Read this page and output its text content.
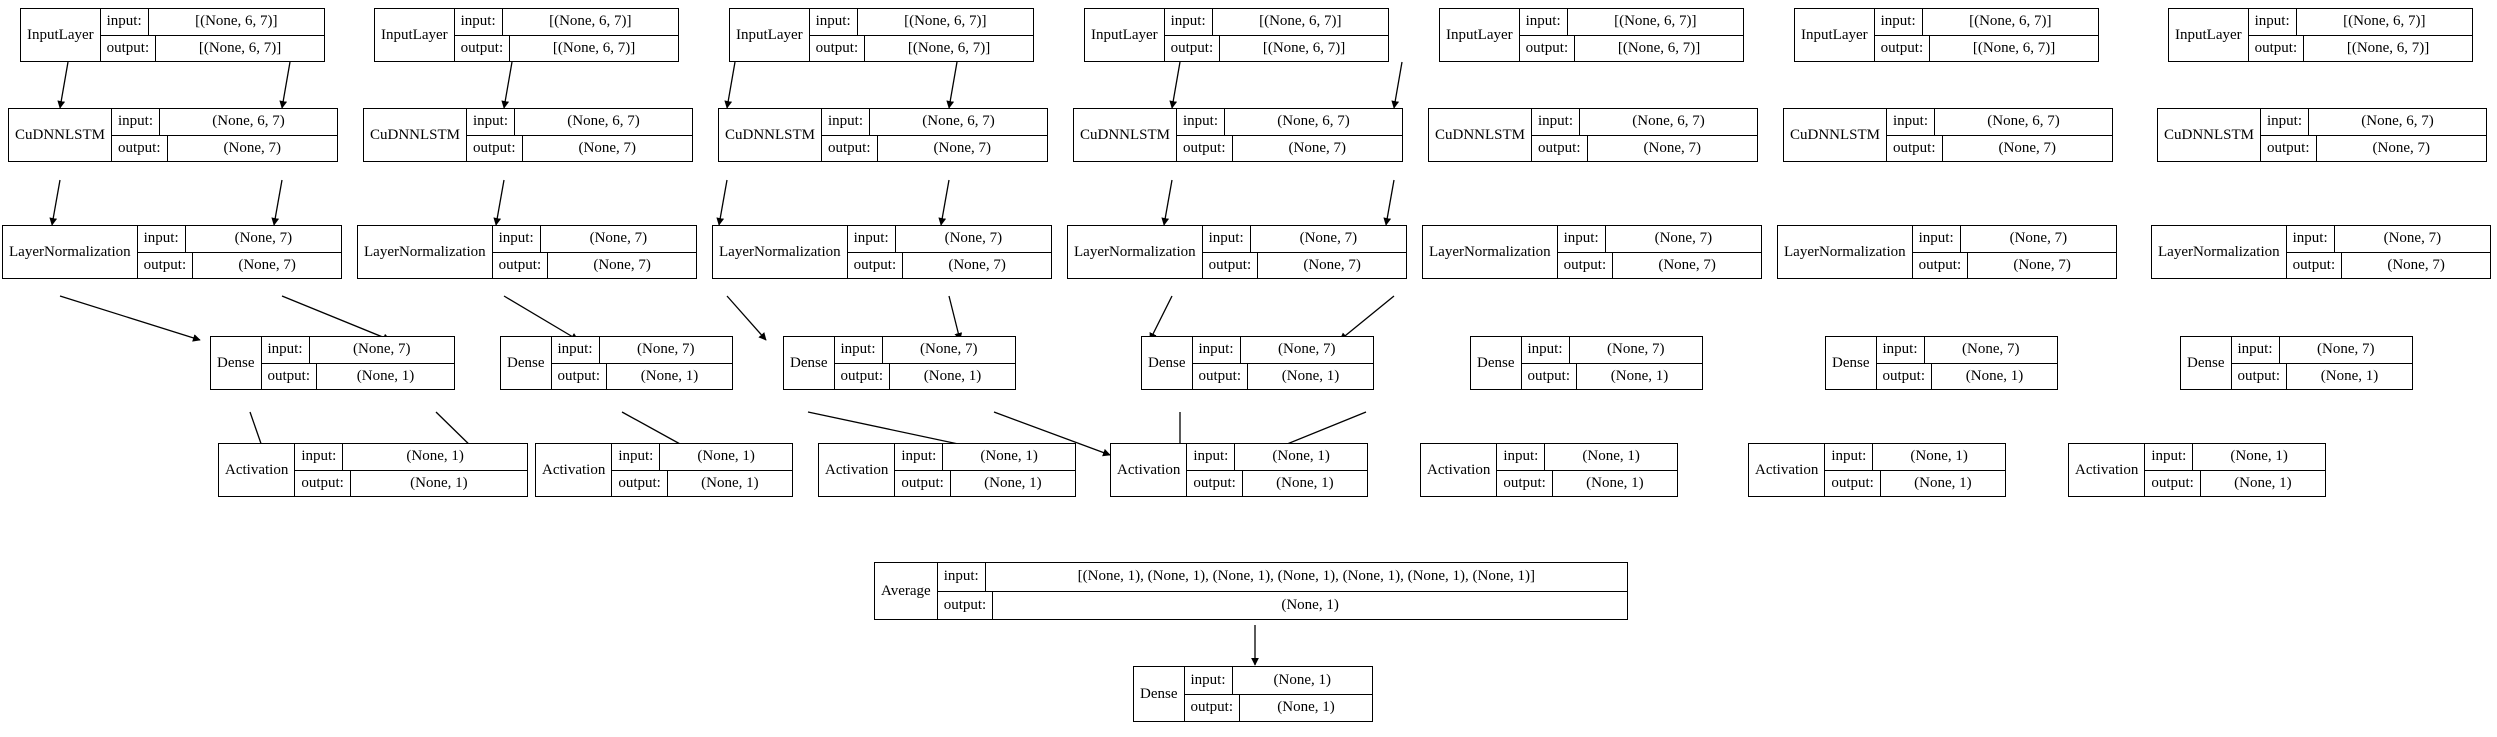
InputLayer
input:	[(None, 6, 7)]
output:	[(None, 6, 7)]
InputLayer
input:	[(None, 6, 7)]
output:	[(None, 6, 7)]
InputLayer
input:	[(None, 6, 7)]
output:	[(None, 6, 7)]
InputLayer
input:	[(None, 6, 7)]
output:	[(None, 6, 7)]
InputLayer
input:	[(None, 6, 7)]
output:	[(None, 6, 7)]
InputLayer
input:	[(None, 6, 7)]
output:	[(None, 6, 7)]
InputLayer
input:	[(None, 6, 7)]
output:	[(None, 6, 7)]
CuDNNLSTM
input:	(None, 6, 7)
output:	(None, 7)
CuDNNLSTM
input:	(None, 6, 7)
output:	(None, 7)
CuDNNLSTM
input:	(None, 6, 7)
output:	(None, 7)
CuDNNLSTM
input:	(None, 6, 7)
output:	(None, 7)
CuDNNLSTM
input:	(None, 6, 7)
output:	(None, 7)
CuDNNLSTM
input:	(None, 6, 7)
output:	(None, 7)
CuDNNLSTM
input:	(None, 6, 7)
output:	(None, 7)
LayerNormalization
input:	(None, 7)
output:	(None, 7)
LayerNormalization
input:	(None, 7)
output:	(None, 7)
LayerNormalization
input:	(None, 7)
output:	(None, 7)
LayerNormalization
input:	(None, 7)
output:	(None, 7)
LayerNormalization
input:	(None, 7)
output:	(None, 7)
LayerNormalization
input:	(None, 7)
output:	(None, 7)
LayerNormalization
input:	(None, 7)
output:	(None, 7)
Dense
input:	(None, 7)
output:	(None, 1)
Dense
input:	(None, 7)
output:	(None, 1)
Dense
input:	(None, 7)
output:	(None, 1)
Dense
input:	(None, 7)
output:	(None, 1)
Dense
input:	(None, 7)
output:	(None, 1)
Dense
input:	(None, 7)
output:	(None, 1)
Dense
input:	(None, 7)
output:	(None, 1)
Activation
input:	(None, 1)
output:	(None, 1)
Activation
input:	(None, 1)
output:	(None, 1)
Activation
input:	(None, 1)
output:	(None, 1)
Activation
input:	(None, 1)
output:	(None, 1)
Activation
input:	(None, 1)
output:	(None, 1)
Activation
input:	(None, 1)
output:	(None, 1)
Activation
input:	(None, 1)
output:	(None, 1)
Average
input:	[(None, 1), (None, 1), (None, 1), (None, 1), (None, 1), (None, 1), (None, 1)]
output:	(None, 1)
Dense
input:	(None, 1)
output:	(None, 1)
